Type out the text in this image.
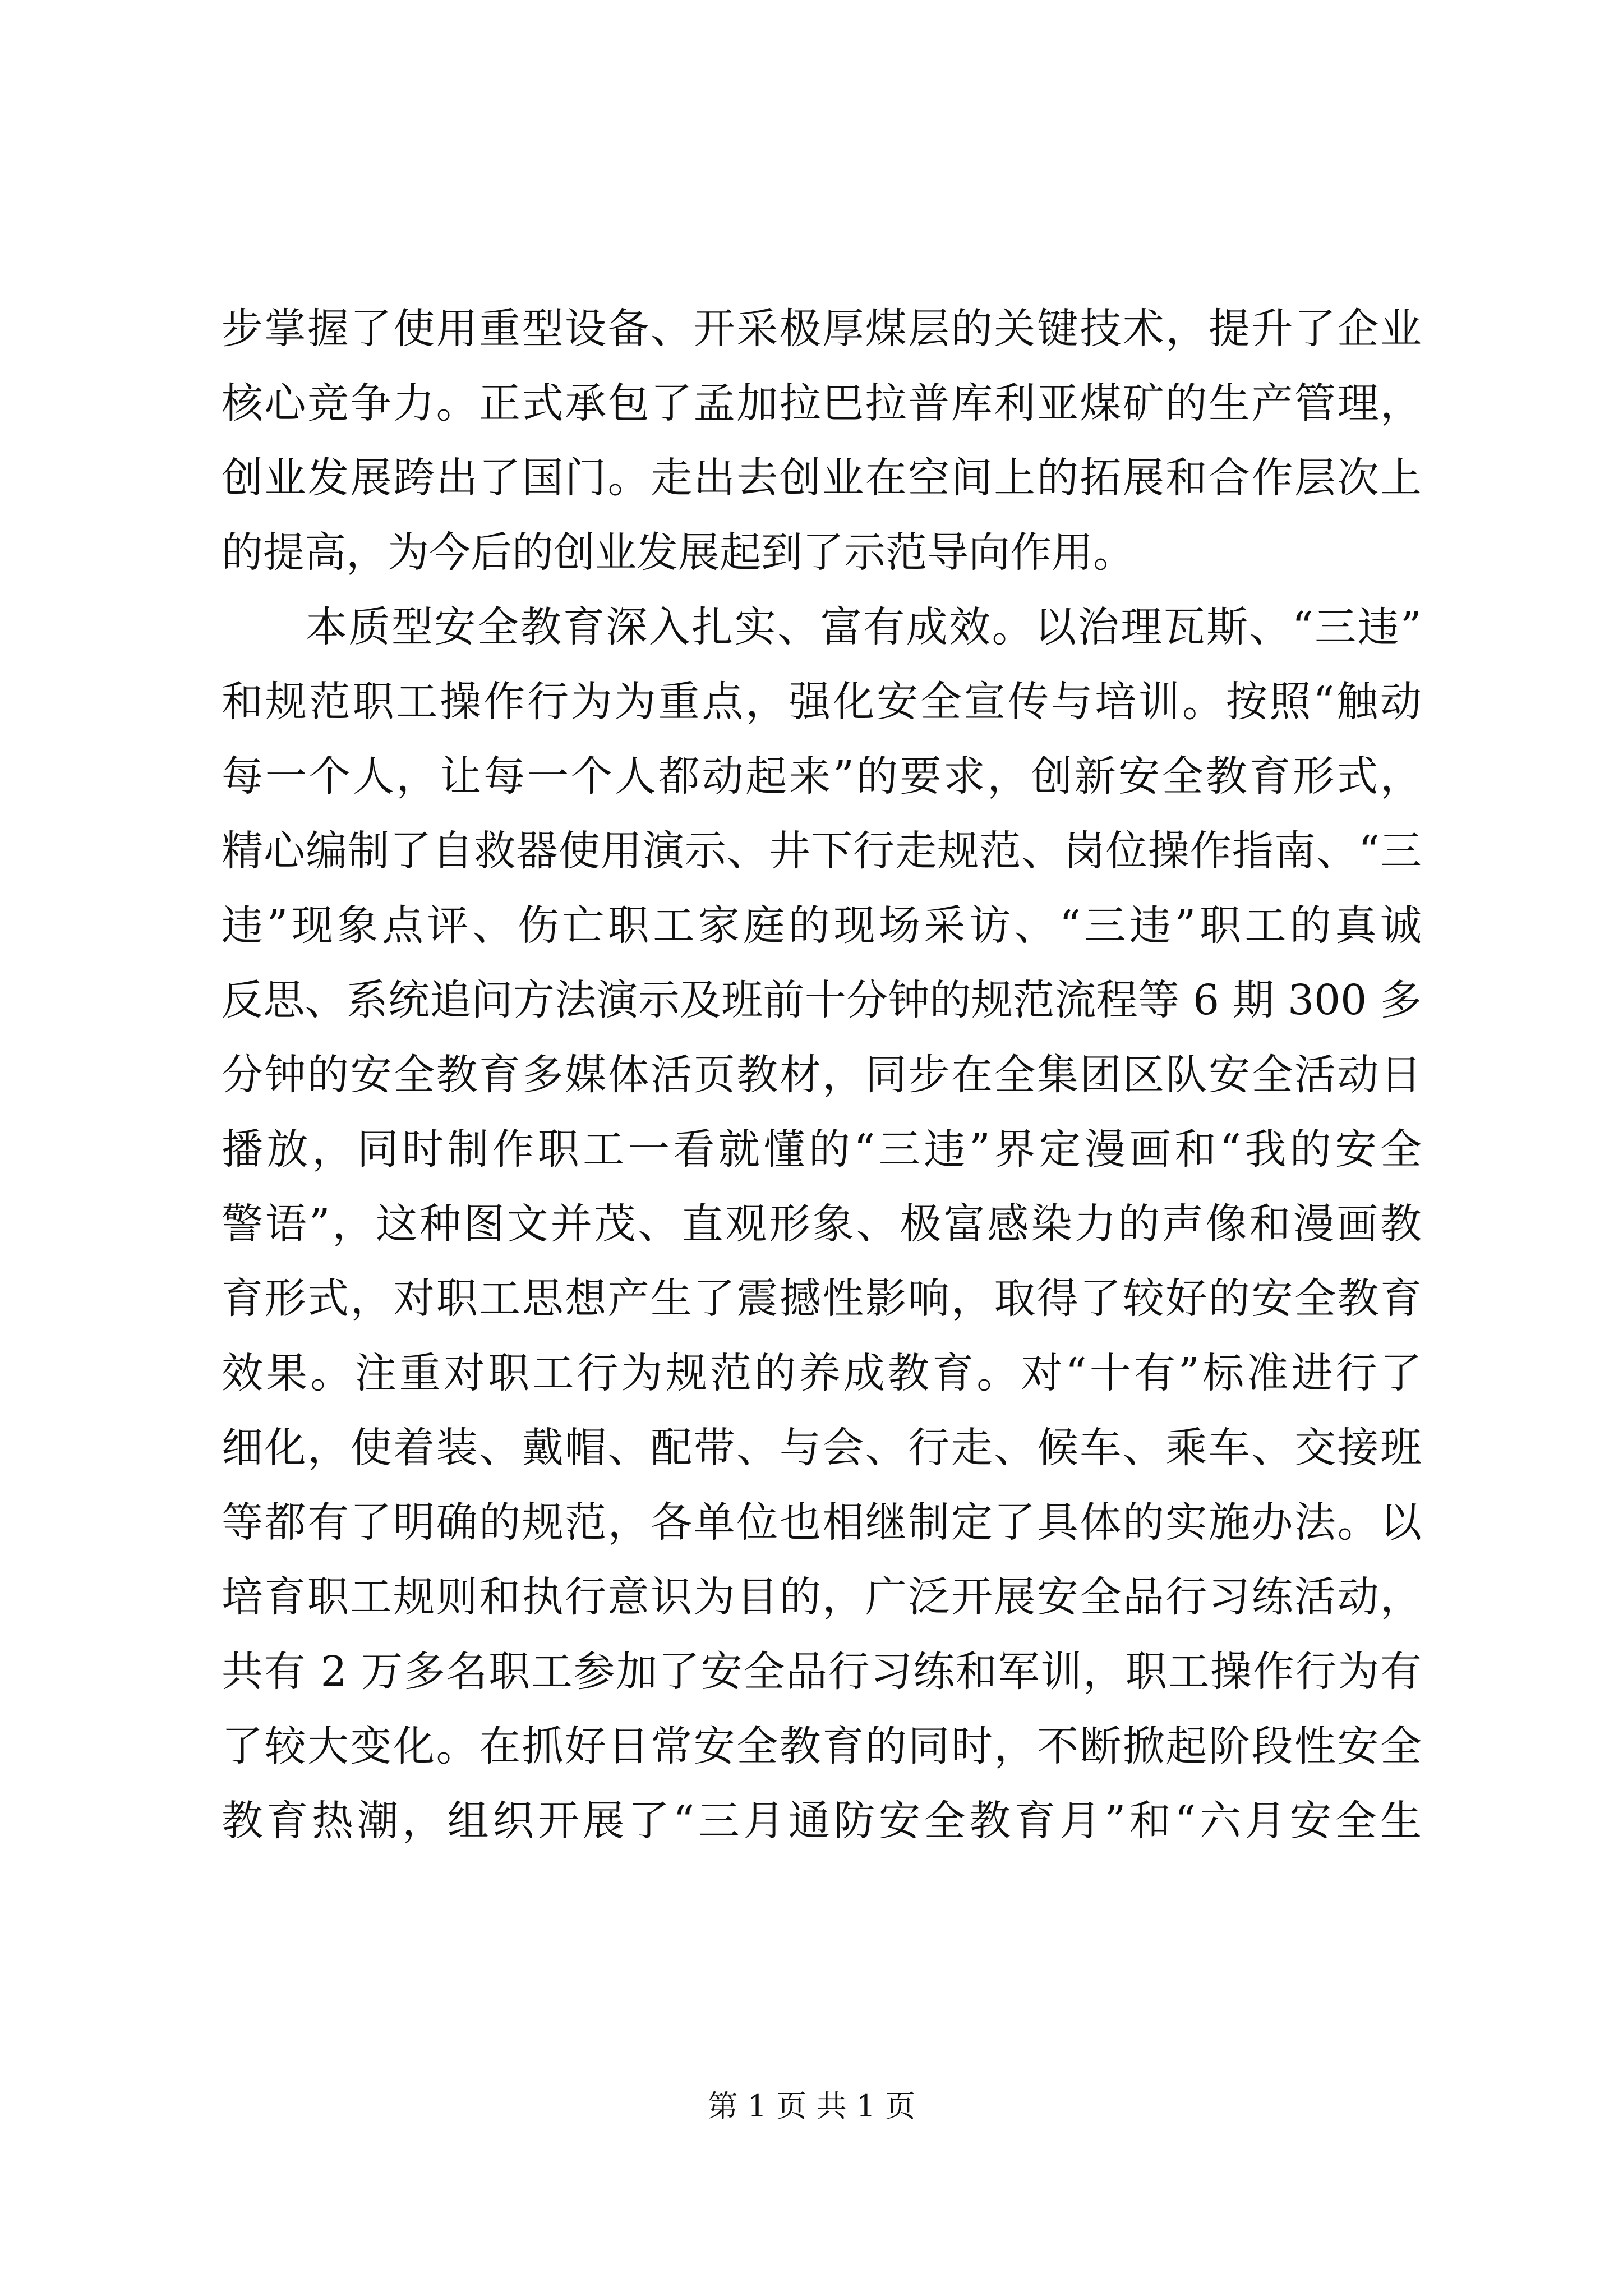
步掌握了使用重型设备、开采极厚煤层的关键技术，提升了企业
核心竞争力。正式承包了孟加拉巴拉普库利亚煤矿的生产管理，
创业发展跨出了国门。走出去创业在空间上的拓展和合作层次上
的提高，为今后的创业发展起到了示范导向作用。
本质型安全教育深入扎实、富有成效。以治理瓦斯、“三违”
和规范职工操作行为为重点，强化安全宣传与培训。按照“触动
每一个人，让每一个人都动起来”的要求，创新安全教育形式，
精心编制了自救器使用演示、井下行走规范、岗位操作指南、“三
违”现象点评、伤亡职工家庭的现场采访、“三违”职工的真诚
反思、系统追问方法演示及班前十分钟的规范流程等 6 期 300 多
分钟的安全教育多媒体活页教材，同步在全集团区队安全活动日
播放，同时制作职工一看就懂的“三违”界定漫画和“我的安全
警语”，这种图文并茂、直观形象、极富感染力的声像和漫画教
育形式，对职工思想产生了震撼性影响，取得了较好的安全教育
效果。注重对职工行为规范的养成教育。对“十有”标准进行了
细化，使着装、戴帽、配带、与会、行走、候车、乘车、交接班
等都有了明确的规范，各单位也相继制定了具体的实施办法。以
培育职工规则和执行意识为目的，广泛开展安全品行习练活动，
共有 2 万多名职工参加了安全品行习练和军训，职工操作行为有
了较大变化。在抓好日常安全教育的同时，不断掀起阶段性安全
教育热潮，组织开展了“三月通防安全教育月”和“六月安全生
第 1 页 共 1 页
